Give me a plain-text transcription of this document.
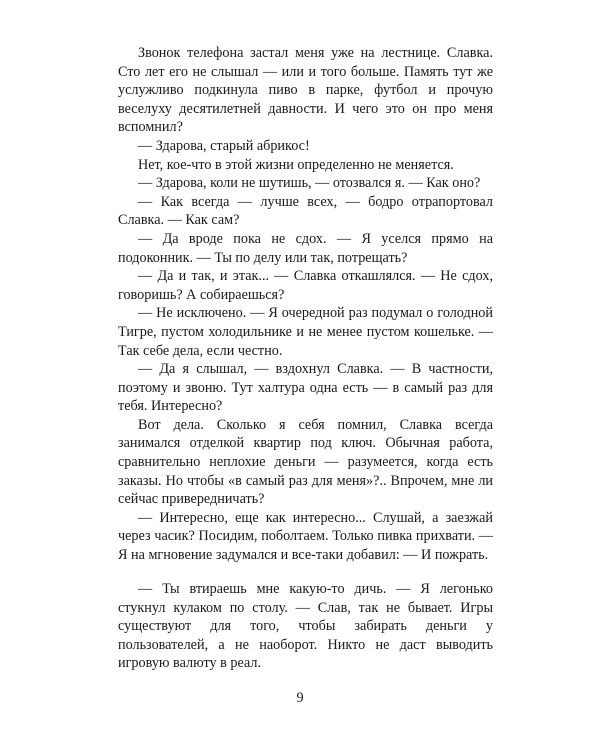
Звонок телефона застал меня уже на лестнице. Славка. Сто лет его не слышал — или и того больше. Память тут же услужливо подкинула пиво в парке, футбол и прочую веселуху десятилетней давности. И чего это он про меня вспомнил?

— Здарова, старый абрикос!

Нет, кое-что в этой жизни определенно не меняется.

— Здарова, коли не шутишь, — отозвался я. — Как оно?

— Как всегда — лучше всех, — бодро отрапортовал Славка. — Как сам?

— Да вроде пока не сдох. — Я уселся прямо на подоконник. — Ты по делу или так, потрещать?

— Да и так, и этак... — Славка откашлялся. — Не сдох, говоришь? А собираешься?

— Не исключено. — Я очередной раз подумал о голодной Тигре, пустом холодильнике и не менее пустом кошельке. — Так себе дела, если честно.

— Да я слышал, — вздохнул Славка. — В частности, поэтому и звоню. Тут халтура одна есть — в самый раз для тебя. Интересно?

Вот дела. Сколько я себя помнил, Славка всегда занимался отделкой квартир под ключ. Обычная работа, сравнительно неплохие деньги — разумеется, когда есть заказы. Но чтобы «в самый раз для меня»?.. Впрочем, мне ли сейчас привередничать?

— Интересно, еще как интересно... Слушай, а заезжай через часик? Посидим, поболтаем. Только пивка прихвати. — Я на мгновение задумался и все-таки добавил: — И пожрать.

— Ты втираешь мне какую-то дичь. — Я легонько стукнул кулаком по столу. — Слав, так не бывает. Игры существуют для того, чтобы забирать деньги у пользователей, а не наоборот. Никто не даст выводить игровую валюту в реал.

9
